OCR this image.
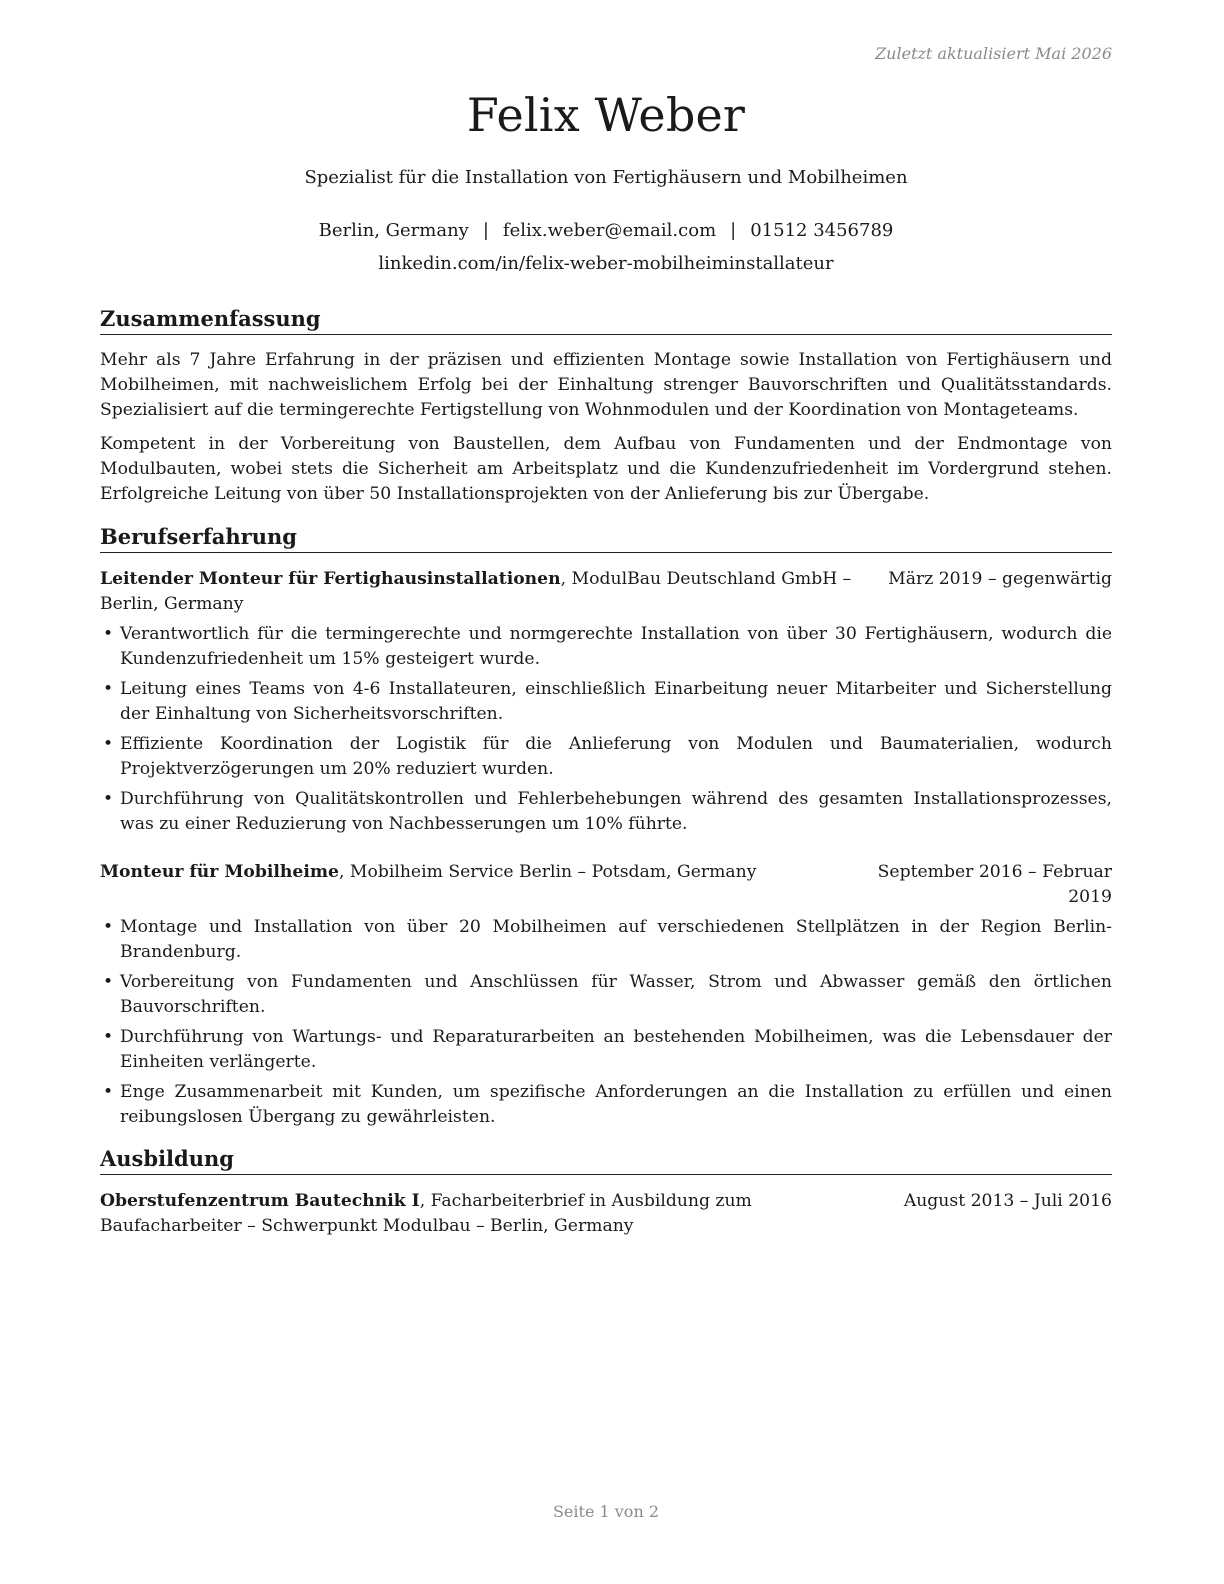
Zuletzt aktualisiert Mai 2026
Felix Weber
Spezialist für die Installation von Fertighäusern und Mobilheimen
Berlin, Germany | felix.weber@email.com | 01512 3456789
linkedin.com/in/felix-weber-mobilheiminstallateur
Zusammenfassung

Mehr als 7 Jahre Erfahrung in der präzisen und effizienten Montage sowie Installation von Fertighäusern und Mobilheimen, mit nachweislichem Erfolg bei der Einhaltung strenger Bauvorschriften und Qualitätsstandards. Spezialisiert auf die termingerechte Fertigstellung von Wohnmodulen und der Koordination von Montageteams.

Kompetent in der Vorbereitung von Baustellen, dem Aufbau von Fundamenten und der Endmontage von Modulbauten, wobei stets die Sicherheit am Arbeitsplatz und die Kundenzufriedenheit im Vordergrund stehen. Erfolgreiche Leitung von über 50 Installationsprojekten von der Anlieferung bis zur Übergabe.

Berufserfahrung
Leitender Monteur für Fertighausinstallationen, ModulBau Deutschland GmbH – Berlin, Germany
März 2019 – gegenwärtig
• Verantwortlich für die termingerechte und normgerechte Installation von über 30 Fertighäusern, wodurch die Kundenzufriedenheit um 15% gesteigert wurde.
• Leitung eines Teams von 4-6 Installateuren, einschließlich Einarbeitung neuer Mitarbeiter und Sicherstellung der Einhaltung von Sicherheitsvorschriften.
• Effiziente Koordination der Logistik für die Anlieferung von Modulen und Baumaterialien, wodurch Projektverzögerungen um 20% reduziert wurden.
• Durchführung von Qualitätskontrollen und Fehlerbehebungen während des gesamten Installationsprozesses, was zu einer Reduzierung von Nachbesserungen um 10% führte.
Monteur für Mobilheime, Mobilheim Service Berlin – Potsdam, Germany	September 2016 – Februar 2019
• Montage und Installation von über 20 Mobilheimen auf verschiedenen Stellplätzen in der Region Berlin-Brandenburg.
• Vorbereitung von Fundamenten und Anschlüssen für Wasser, Strom und Abwasser gemäß den örtlichen Bauvorschriften.
• Durchführung von Wartungs- und Reparaturarbeiten an bestehenden Mobilheimen, was die Lebensdauer der Einheiten verlängerte.
• Enge Zusammenarbeit mit Kunden, um spezifische Anforderungen an die Installation zu erfüllen und einen reibungslosen Übergang zu gewährleisten.
Ausbildung
Oberstufenzentrum Bautechnik I, Facharbeiterbrief in Ausbildung zum Baufacharbeiter – Schwerpunkt Modulbau – Berlin, Germany
August 2013 – Juli 2016
Seite 1 von 2
